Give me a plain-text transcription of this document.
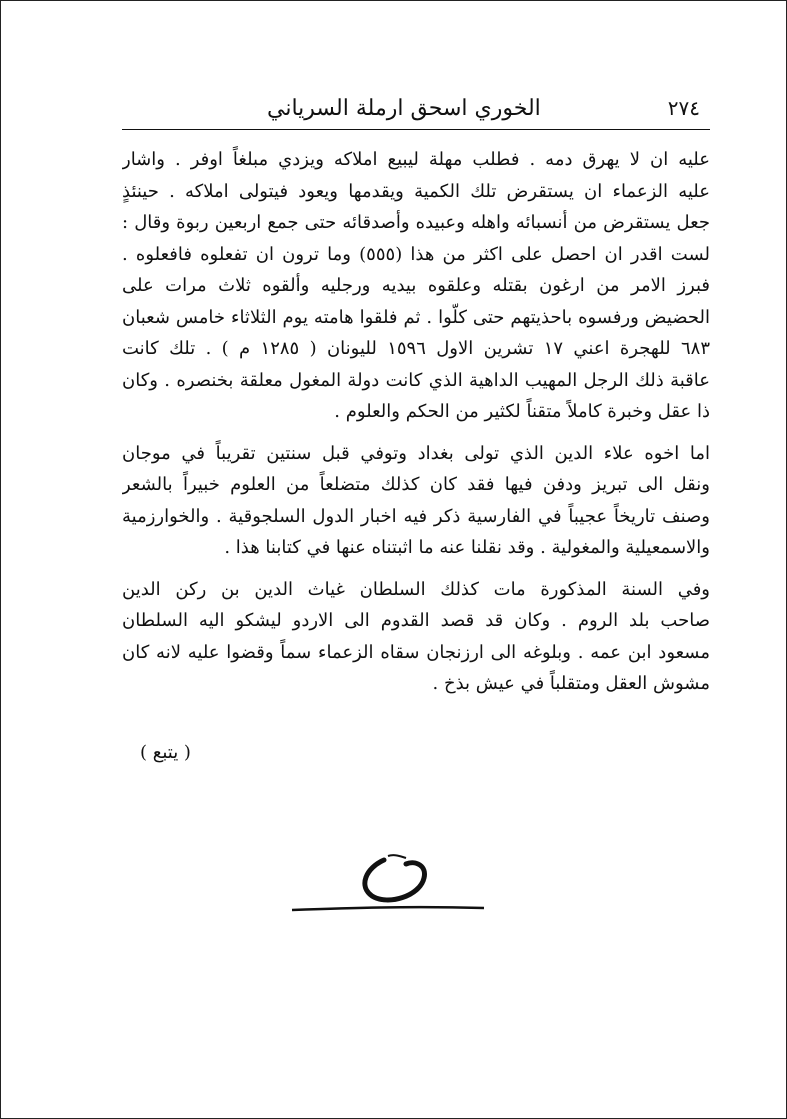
٢٧٤
الخوري اسحق ارملة السرياني
عليه ان لا يهرق دمه . فطلب مهلة ليبيع املاكه ويزدي مبلغاً اوفر . واشار
عليه الزعماء ان يستقرض تلك الكمية ويقدمها ويعود فيتولى املاكه . حينئذٍ
جعل يستقرض من أنسبائه واهله وعبيده وأصدقائه حتى جمع اربعين ربوة وقال :
لست اقدر ان احصل على اكثر من هذا (٥٥٥) وما ترون ان تفعلوه فافعلوه .
فبرز الامر من ارغون بقتله وعلقوه بيديه ورجليه وألقوه ثلاث مرات على
الحضيض ورفسوه باحذيتهم حتى كلّوا . ثم فلقوا هامته يوم الثلاثاء خامس شعبان
٦٨٣ للهجرة اعني ١٧ تشرين الاول ١٥٩٦ لليونان ( ١٢٨٥ م ) . تلك كانت
عاقبة ذلك الرجل المهيب الداهية الذي كانت دولة المغول معلقة بخنصره . وكان
ذا عقل وخبرة كاملاً متقناً لكثير من الحكم والعلوم .
اما اخوه علاء الدين الذي تولى بغداد وتوفي قبل سنتين تقريباً في موجان
ونقل الى تبريز ودفن فيها فقد كان كذلك متضلعاً من العلوم خبيراً بالشعر
وصنف تاريخاً عجيباً في الفارسية ذكر فيه اخبار الدول السلجوقية . والخوارزمية
والاسمعيلية والمغولية . وقد نقلنا عنه ما اثبتناه عنها في كتابنا هذا .
وفي السنة المذكورة مات كذلك السلطان غياث الدين بن ركن الدين
صاحب بلد الروم . وكان قد قصد القدوم الى الاردو ليشكو اليه السلطان
مسعود ابن عمه . وبلوغه الى ارزنجان سقاه الزعماء سماً وقضوا عليه لانه كان
مشوش العقل ومتقلباً في عيش بذخ .
( يتبع )
